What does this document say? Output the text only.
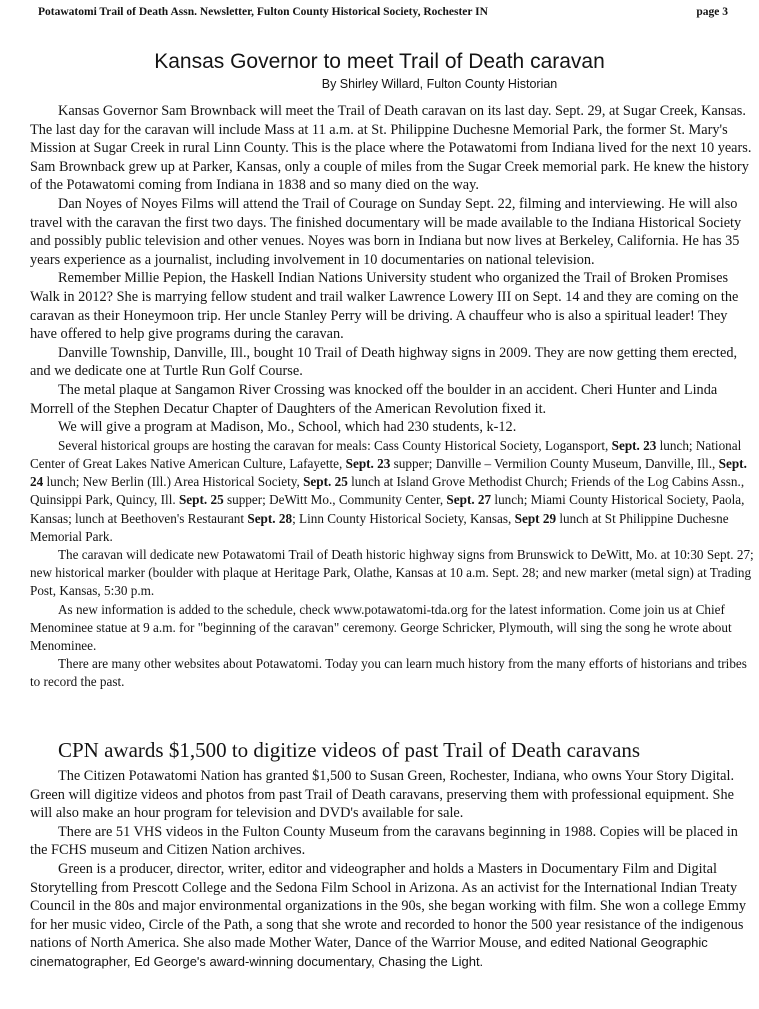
Potawatomi Trail of Death Assn. Newsletter, Fulton County Historical Society, Rochester IN	page 3
Kansas Governor to meet Trail of Death caravan
By Shirley Willard, Fulton County Historian

Kansas Governor Sam Brownback will meet the Trail of Death caravan on its last day. Sept. 29, at Sugar Creek, Kansas. The last day for the caravan will include Mass at 11 a.m. at St. Philippine Duchesne Memorial Park, the former St. Mary's Mission at Sugar Creek in rural Linn County. This is the place where the Potawatomi from Indiana lived for the next 10 years. Sam Brownback grew up at Parker, Kansas, only a couple of miles from the Sugar Creek memorial park. He knew the history of the Potawatomi coming from Indiana in 1838 and so many died on the way.

Dan Noyes of Noyes Films will attend the Trail of Courage on Sunday Sept. 22, filming and interviewing. He will also travel with the caravan the first two days. The finished documentary will be made available to the Indiana Historical Society and possibly public television and other venues. Noyes was born in Indiana but now lives at Berkeley, California. He has 35 years experience as a journalist, including involvement in 10 documentaries on national television.

Remember Millie Pepion, the Haskell Indian Nations University student who organized the Trail of Broken Promises Walk in 2012? She is marrying fellow student and trail walker Lawrence Lowery III on Sept. 14 and they are coming on the caravan as their Honeymoon trip. Her uncle Stanley Perry will be driving. A chauffeur who is also a spiritual leader! They have offered to help give programs during the caravan.

Danville Township, Danville, Ill., bought 10 Trail of Death highway signs in 2009. They are now getting them erected, and we dedicate one at Turtle Run Golf Course.

The metal plaque at Sangamon River Crossing was knocked off the boulder in an accident. Cheri Hunter and Linda Morrell of the Stephen Decatur Chapter of Daughters of the American Revolution fixed it.

We will give a program at Madison, Mo., School, which had 230 students, k-12.

Several historical groups are hosting the caravan for meals: Cass County Historical Society, Logansport, Sept. 23 lunch; National Center of Great Lakes Native American Culture, Lafayette, Sept. 23 supper; Danville – Vermilion County Museum, Danville, Ill., Sept. 24 lunch; New Berlin (Ill.) Area Historical Society, Sept. 25 lunch at Island Grove Methodist Church; Friends of the Log Cabins Assn., Quinsippi Park, Quincy, Ill. Sept. 25 supper; DeWitt Mo., Community Center, Sept. 27 lunch; Miami County Historical Society, Paola, Kansas; lunch at Beethoven's Restaurant Sept. 28; Linn County Historical Society, Kansas, Sept 29 lunch at St Philippine Duchesne Memorial Park.

The caravan will dedicate new Potawatomi Trail of Death historic highway signs from Brunswick to DeWitt, Mo. at 10:30 Sept. 27; new historical marker (boulder with plaque at Heritage Park, Olathe, Kansas at 10 a.m. Sept. 28; and new marker (metal sign) at Trading Post, Kansas, 5:30 p.m.

As new information is added to the schedule, check www.potawatomi-tda.org for the latest information. Come join us at Chief Menominee statue at 9 a.m. for "beginning of the caravan" ceremony. George Schricker, Plymouth, will sing the song he wrote about Menominee.

There are many other websites about Potawatomi. Today you can learn much history from the many efforts of historians and tribes to record the past.

CPN awards $1,500 to digitize videos of past Trail of Death caravans

The Citizen Potawatomi Nation has granted $1,500 to Susan Green, Rochester, Indiana, who owns Your Story Digital. Green will digitize videos and photos from past Trail of Death caravans, preserving them with professional equipment. She will also make an hour program for television and DVD's available for sale.

There are 51 VHS videos in the Fulton County Museum from the caravans beginning in 1988. Copies will be placed in the FCHS museum and Citizen Nation archives.

Green is a producer, director, writer, editor and videographer and holds a Masters in Documentary Film and Digital Storytelling from Prescott College and the Sedona Film School in Arizona. As an activist for the International Indian Treaty Council in the 80s and major environmental organizations in the 90s, she began working with film. She won a college Emmy for her music video, Circle of the Path, a song that she wrote and recorded to honor the 500 year resistance of the indigenous nations of North America. She also made Mother Water, Dance of the Warrior Mouse, and edited National Geographic cinematographer, Ed George's award-winning documentary, Chasing the Light.
